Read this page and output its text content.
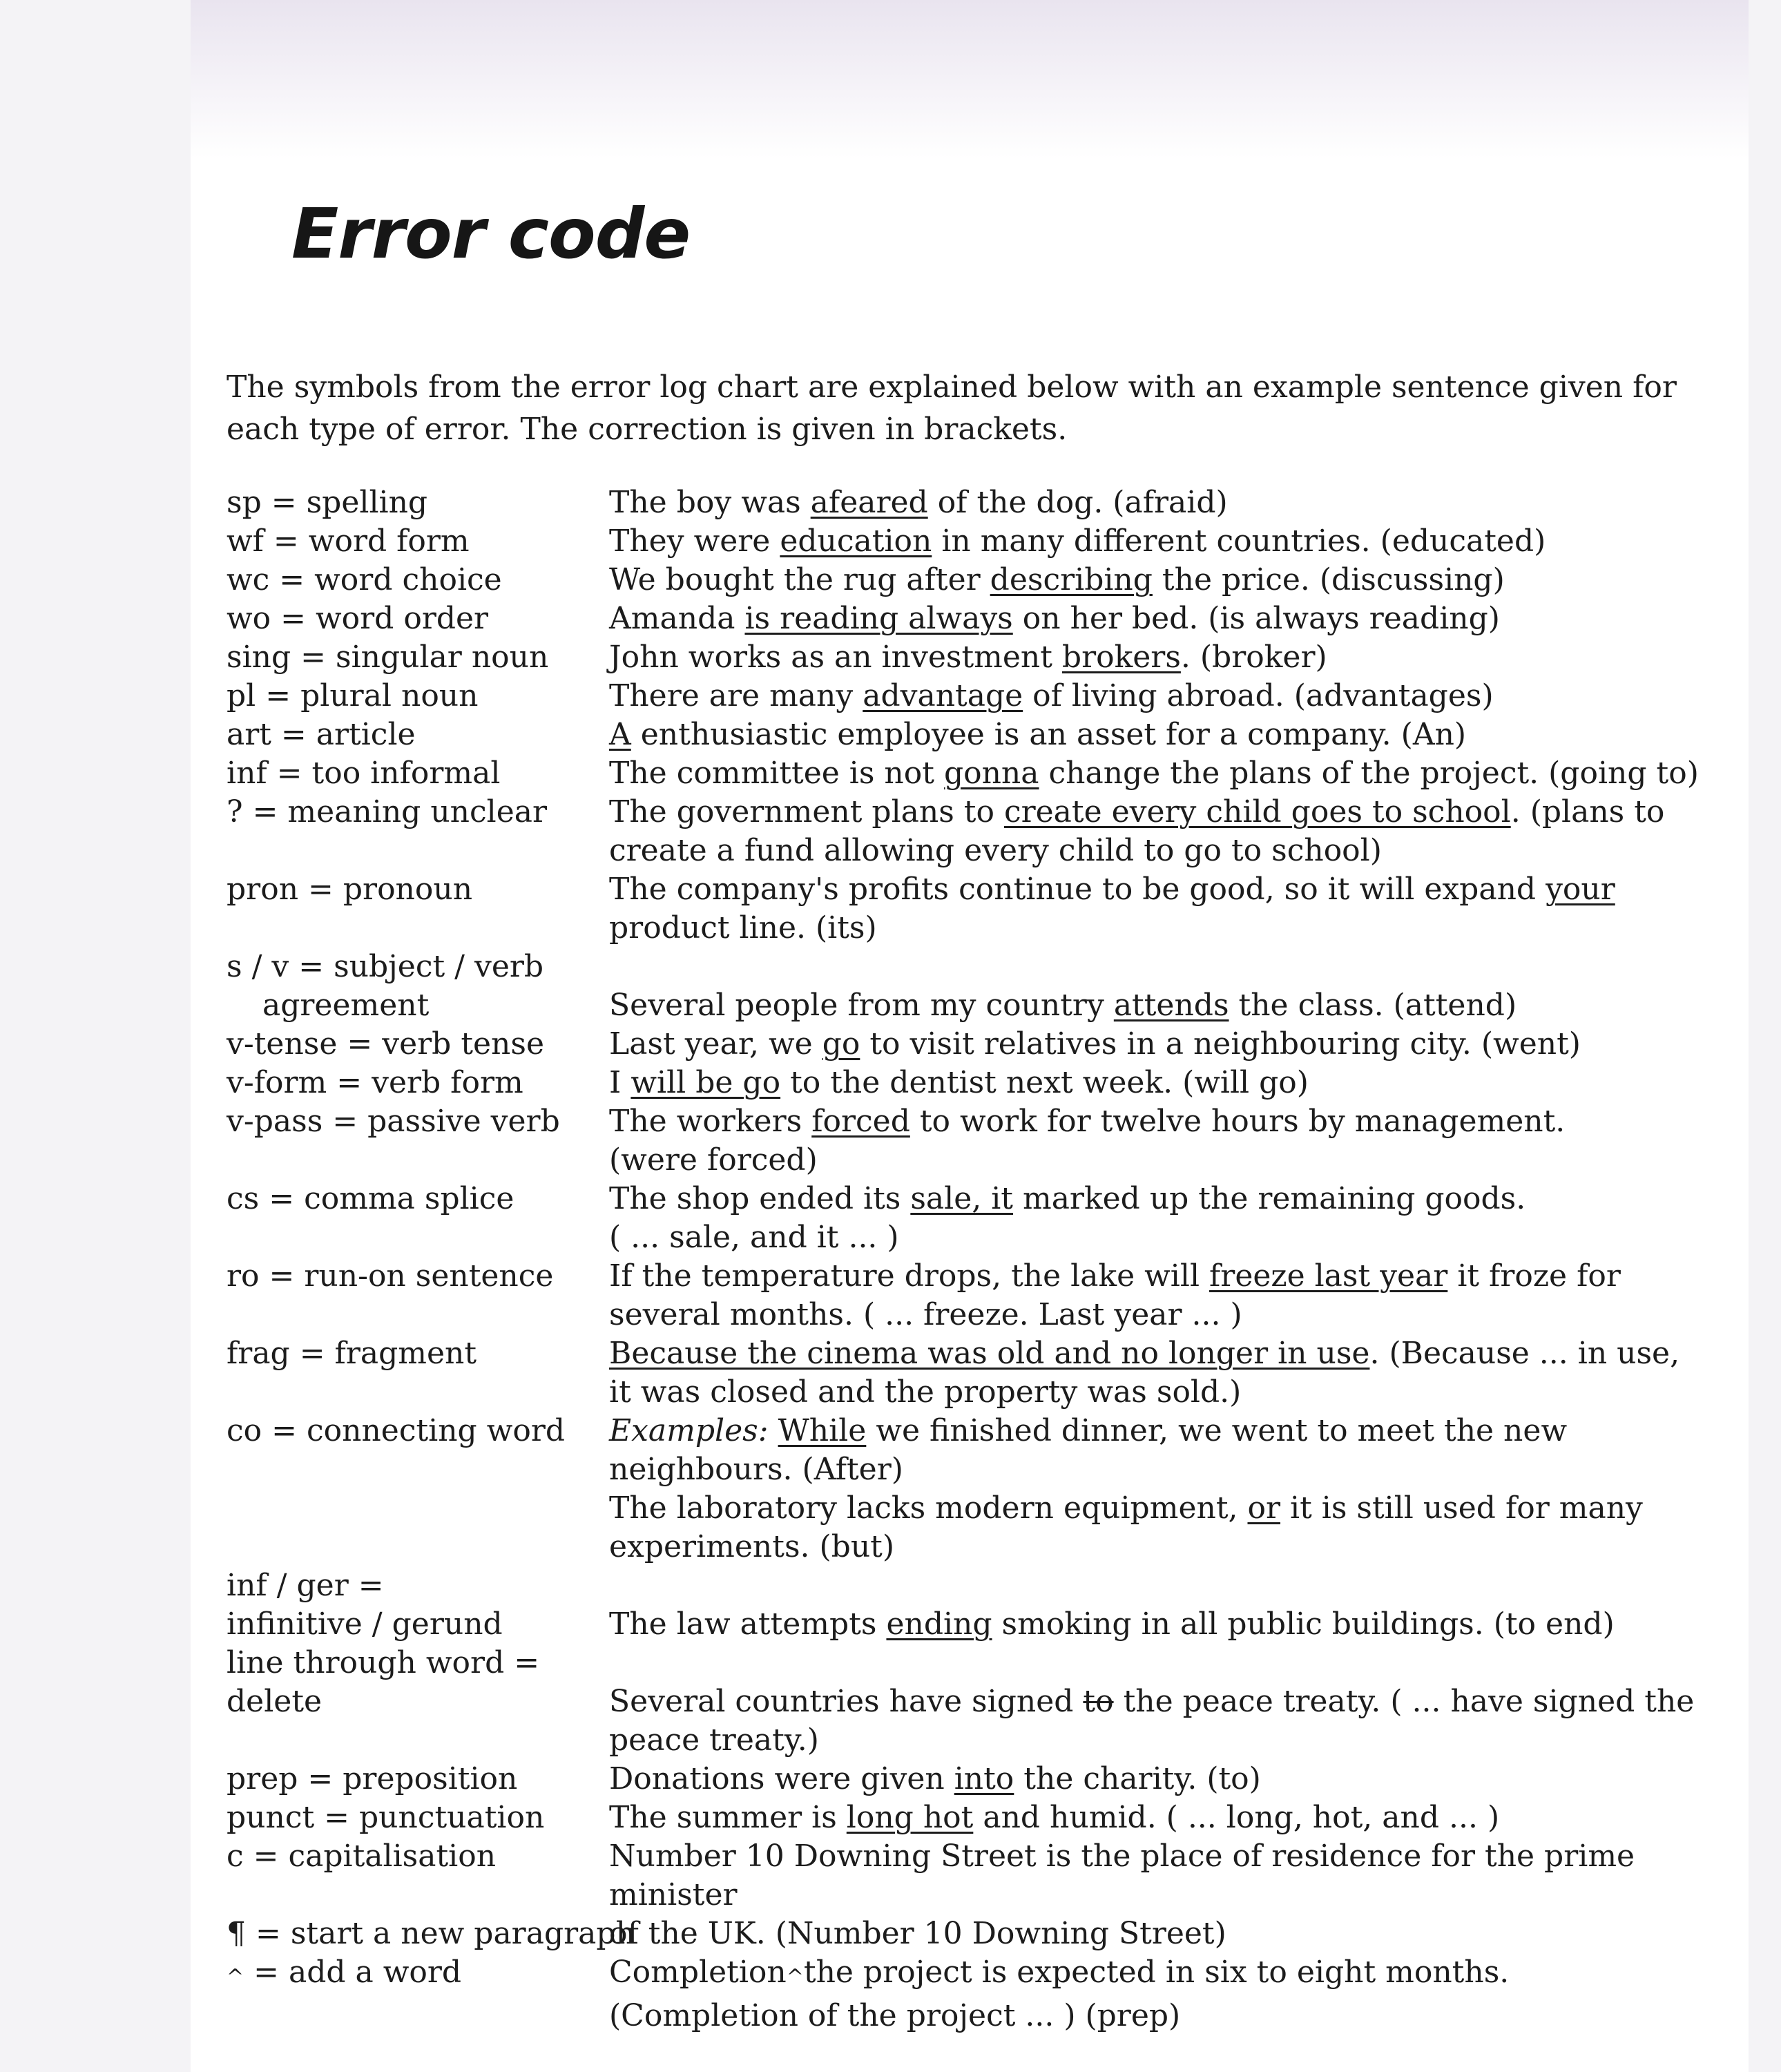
Error code

The symbols from the error log chart are explained below with an example sentence given for each type of error. The correction is given in brackets.

sp = spelling	The boy was afeared of the dog. (afraid)
wf = word form	They were education in many different countries. (educated)
wc = word choice	We bought the rug after describing the price. (discussing)
wo = word order	Amanda is reading always on her bed. (is always reading)
sing = singular noun	John works as an investment brokers. (broker)
pl = plural noun	There are many advantage of living abroad. (advantages)
art = article	A enthusiastic employee is an asset for a company. (An)
inf = too informal	The committee is not gonna change the plans of the project. (going to)
? = meaning unclear	The government plans to create every child goes to school. (plans to
create a fund allowing every child to go to school)
pron = pronoun	The company's profits continue to be good, so it will expand your
product line. (its)
s / v = subject / verb
agreement	Several people from my country attends the class. (attend)
v-tense = verb tense	Last year, we go to visit relatives in a neighbouring city. (went)
v-form = verb form	I will be go to the dentist next week. (will go)
v-pass = passive verb	The workers forced to work for twelve hours by management.
(were forced)
cs = comma splice	The shop ended its sale, it marked up the remaining goods.
( ... sale, and it ... )
ro = run-on sentence	If the temperature drops, the lake will freeze last year it froze for
several months. ( ... freeze. Last year ... )
frag = fragment	Because the cinema was old and no longer in use. (Because ... in use,
it was closed and the property was sold.)
co = connecting word	Examples: While we finished dinner, we went to meet the new
neighbours. (After)
The laboratory lacks modern equipment, or it is still used for many
experiments. (but)
inf / ger =
infinitive / gerund	The law attempts ending smoking in all public buildings. (to end)
line through word =
delete	Several countries have signed to the peace treaty. ( ... have signed the
peace treaty.)
prep = preposition	Donations were given into the charity. (to)
punct = punctuation	The summer is long hot and humid. ( ... long, hot, and ... )
c = capitalisation	Number 10 Downing Street is the place of residence for the prime minister
of the UK. (Number 10 Downing Street)
¶ = start a new paragraph
^ = add a word	Completion^the project is expected in six to eight months.
(Completion of the project ... ) (prep)
